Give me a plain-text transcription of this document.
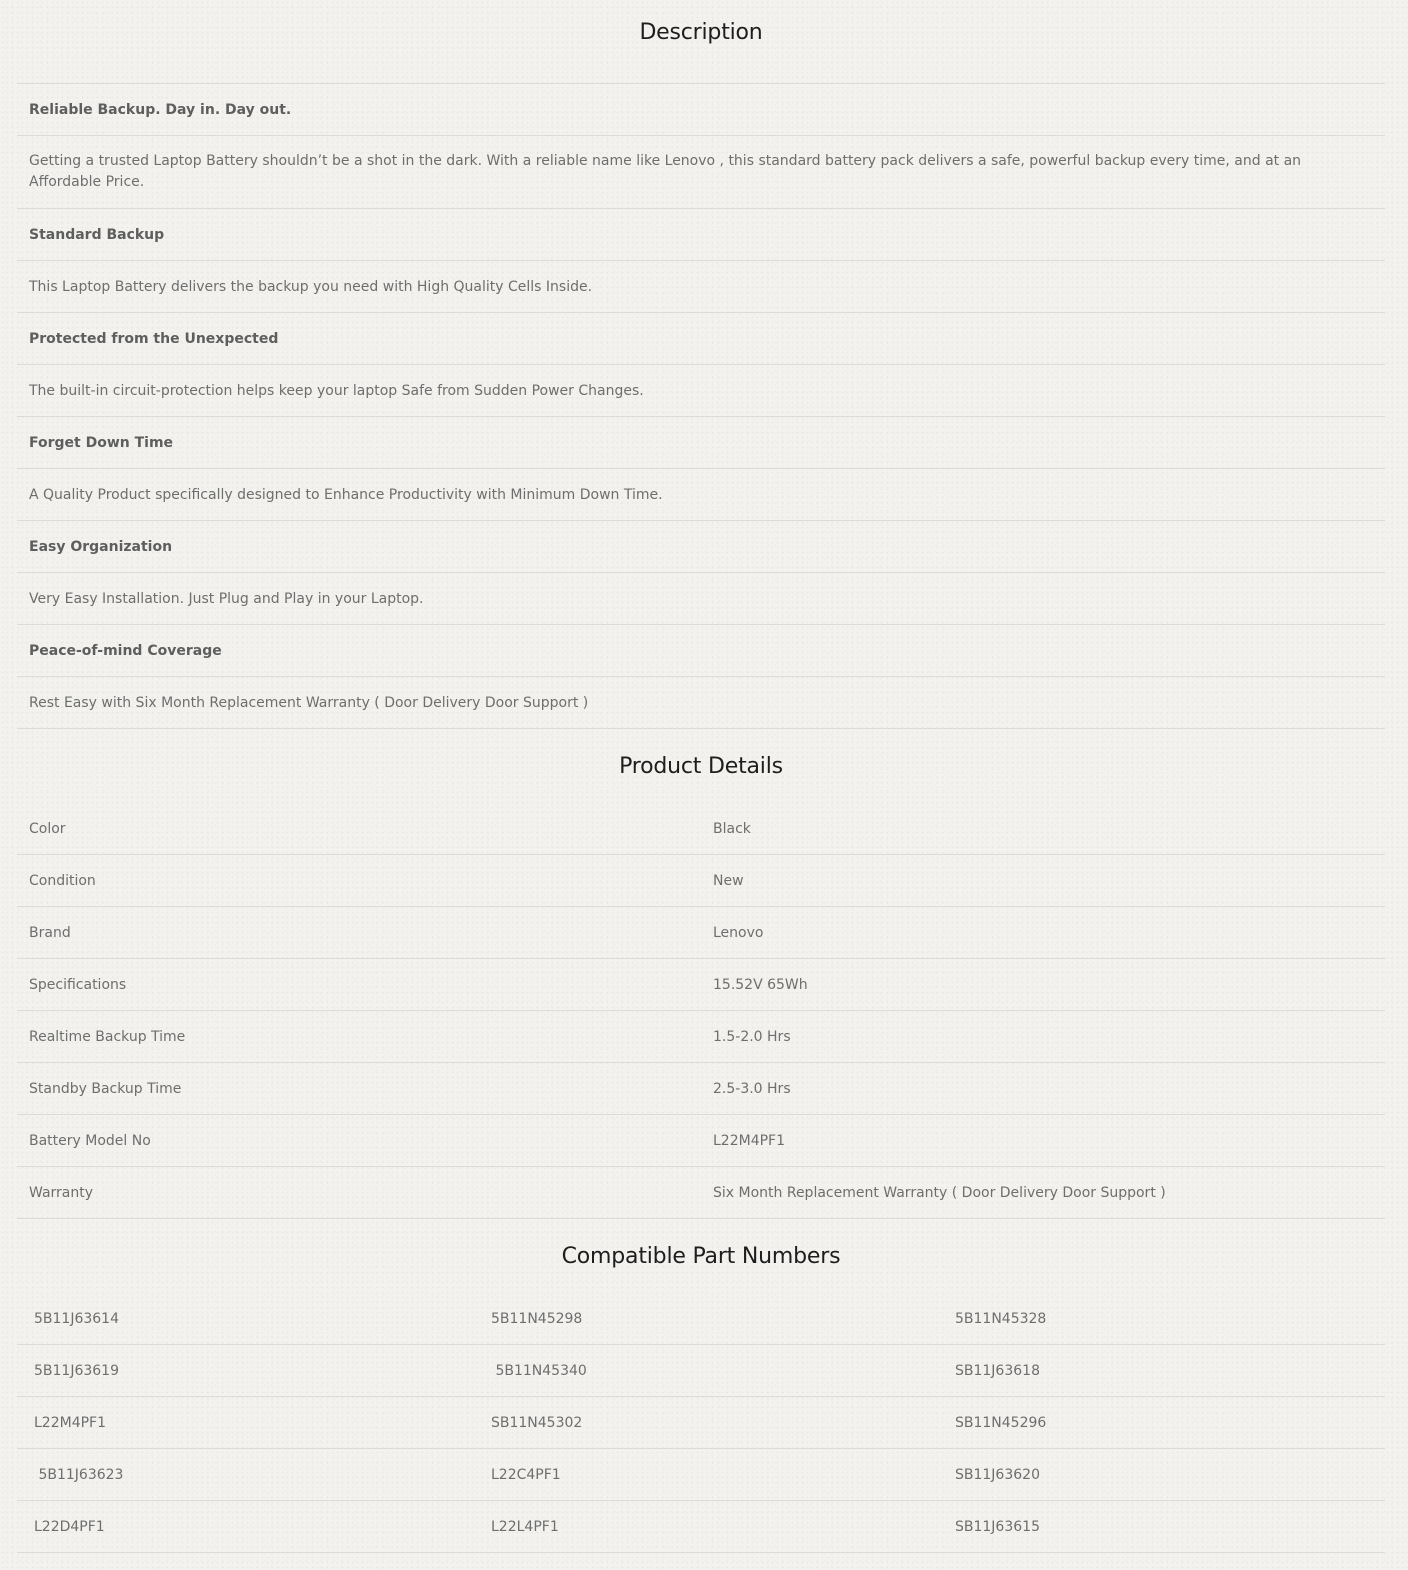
Description
Reliable Backup. Day in. Day out.
Getting a trusted Laptop Battery shouldn’t be a shot in the dark. With a reliable name like Lenovo , this standard battery pack delivers a safe, powerful backup every time, and at an Affordable Price.
Standard Backup
This Laptop Battery delivers the backup you need with High Quality Cells Inside.
Protected from the Unexpected
The built-in circuit-protection helps keep your laptop Safe from Sudden Power Changes.
Forget Down Time
A Quality Product specifically designed to Enhance Productivity with Minimum Down Time.
Easy Organization
Very Easy Installation. Just Plug and Play in your Laptop.
Peace-of-mind Coverage
Rest Easy with Six Month Replacement Warranty ( Door Delivery Door Support )
Product Details
Color	Black
Condition	New
Brand	Lenovo
Specifications	15.52V 65Wh
Realtime Backup Time	1.5-2.0 Hrs
Standby Backup Time	2.5-3.0 Hrs
Battery Model No	L22M4PF1
Warranty	Six Month Replacement Warranty ( Door Delivery Door Support )
Compatible Part Numbers
5B11J63614	5B11N45298	5B11N45328
5B11J63619	5B11N45340	SB11J63618
L22M4PF1	SB11N45302	SB11N45296
5B11J63623	L22C4PF1	SB11J63620
L22D4PF1	L22L4PF1	SB11J63615
